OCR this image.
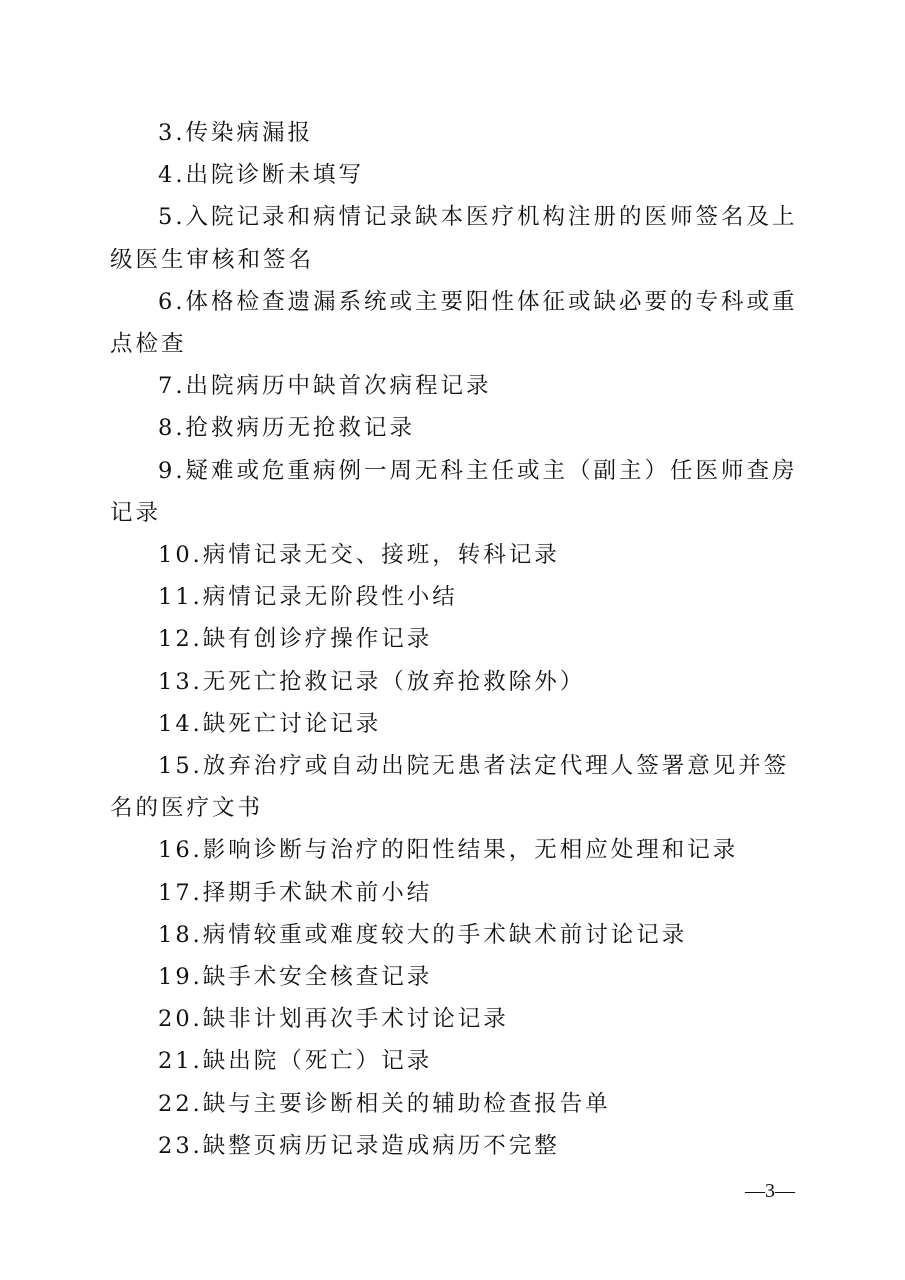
3.传染病漏报
4.出院诊断未填写
5.入院记录和病情记录缺本医疗机构注册的医师签名及上级医生审核和签名
6.体格检查遗漏系统或主要阳性体征或缺必要的专科或重点检查
7.出院病历中缺首次病程记录
8.抢救病历无抢救记录
9.疑难或危重病例一周无科主任或主（副主）任医师查房记录
10.病情记录无交、接班，转科记录
11.病情记录无阶段性小结
12.缺有创诊疗操作记录
13.无死亡抢救记录（放弃抢救除外）
14.缺死亡讨论记录
15.放弃治疗或自动出院无患者法定代理人签署意见并签名的医疗文书
16.影响诊断与治疗的阳性结果，无相应处理和记录
17.择期手术缺术前小结
18.病情较重或难度较大的手术缺术前讨论记录
19.缺手术安全核查记录
20.缺非计划再次手术讨论记录
21.缺出院（死亡）记录
22.缺与主要诊断相关的辅助检查报告单
23.缺整页病历记录造成病历不完整
—3—
